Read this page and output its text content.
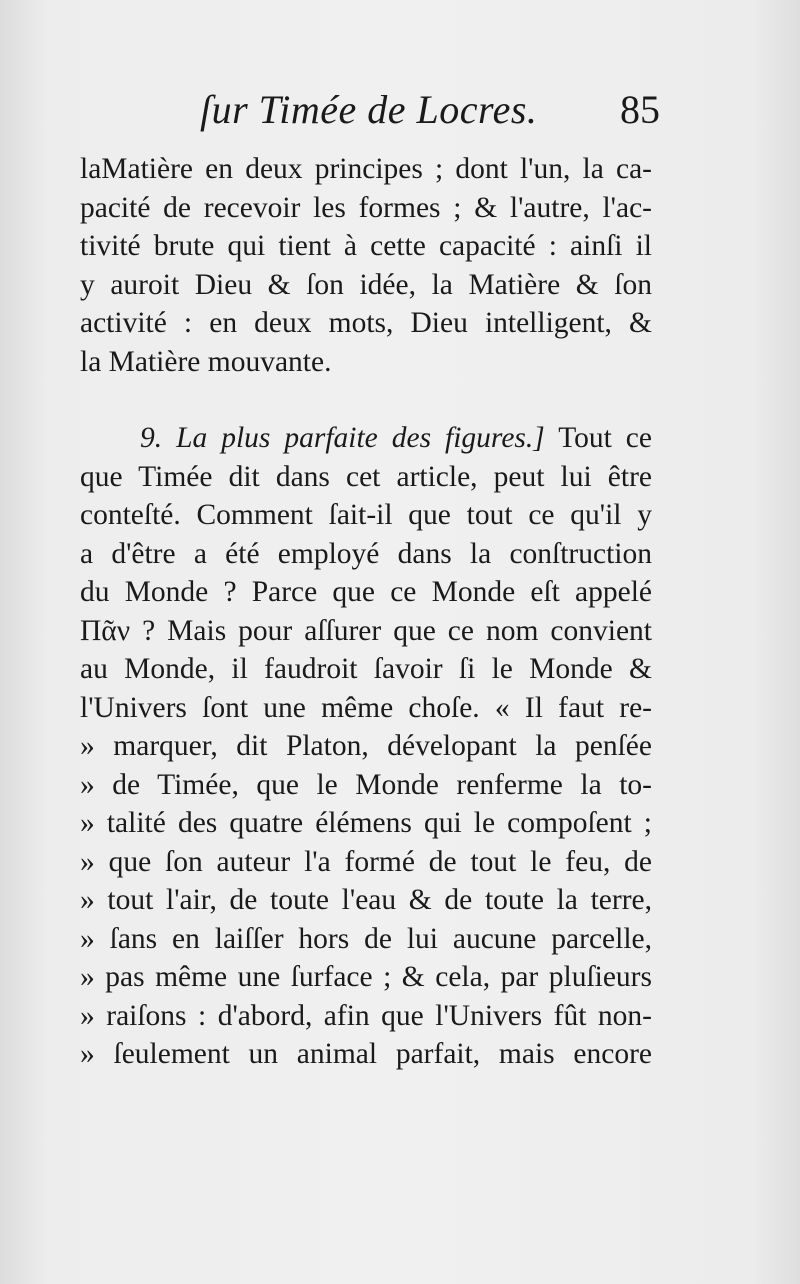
ſur Timée de Locres. 85
laMatière en deux principes ; dont l'un, la ca-
pacité de recevoir les formes ; & l'autre, l'ac-
tivité brute qui tient à cette capacité : ainſi il
y auroit Dieu & ſon idée, la Matière & ſon
activité : en deux mots, Dieu intelligent, &
la Matière mouvante.
9. La plus parfaite des figures.] Tout ce
que Timée dit dans cet article, peut lui être
conteſté. Comment ſait-il que tout ce qu'il y
a d'être a été employé dans la conſtruction
du Monde ? Parce que ce Monde eſt appelé
Πᾶν ? Mais pour aſſurer que ce nom convient
au Monde, il faudroit ſavoir ſi le Monde &
l'Univers ſont une même choſe. « Il faut re-
» marquer, dit Platon, dévelopant la penſée
» de Timée, que le Monde renferme la to-
» talité des quatre élémens qui le compoſent ;
» que ſon auteur l'a formé de tout le feu, de
» tout l'air, de toute l'eau & de toute la terre,
» ſans en laiſſer hors de lui aucune parcelle,
» pas même une ſurface ; & cela, par pluſieurs
» raiſons : d'abord, afin que l'Univers fût non-
» ſeulement un animal parfait, mais encore
